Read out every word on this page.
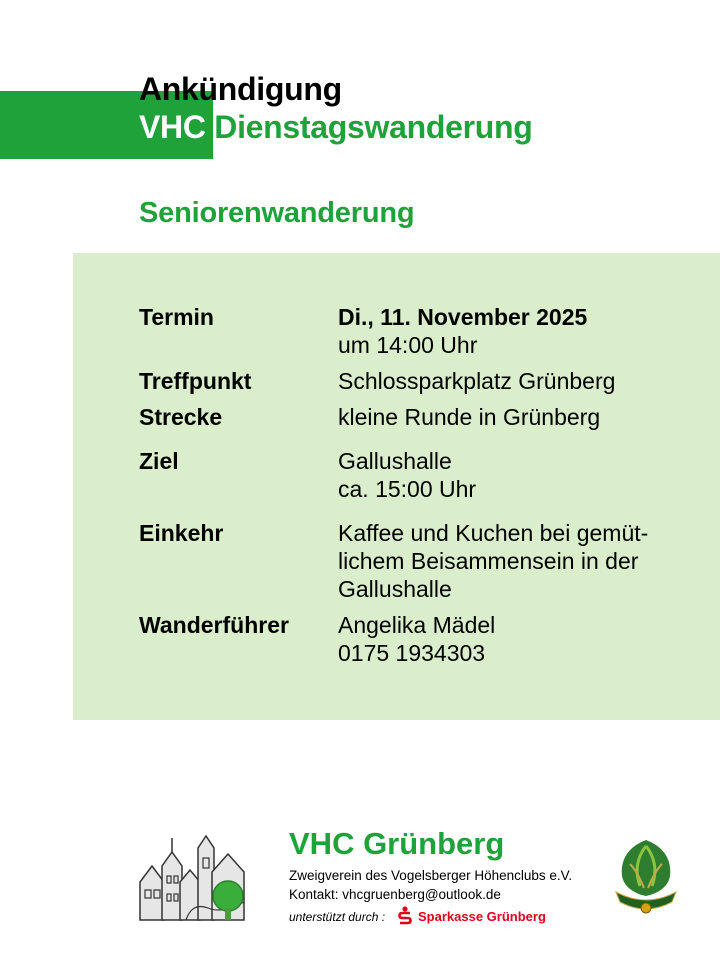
Ankündigung
VHC Dienstagswanderung
Seniorenwanderung
Termin	Di., 11. November 2025
um 14:00 Uhr
Treffpunkt	Schlossparkplatz Grünberg
Strecke	kleine Runde in Grünberg
Ziel	Gallushalle
ca. 15:00 Uhr
Einkehr	Kaffee und Kuchen bei gemüt-
lichem Beisammensein in der
Gallushalle
Wanderführer Angelika Mädel
0175 1934303
VHC Grünberg
Zweigverein des Vogelsberger Höhenclubs e.V.
Kontakt: vhcgruenberg@outlook.de
unterstützt durch :	Sparkasse Grünberg
